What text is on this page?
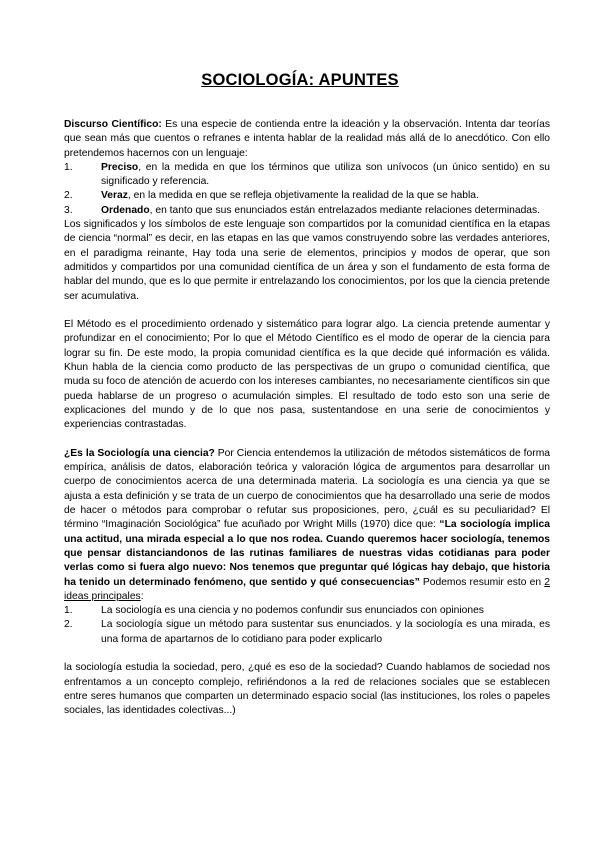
SOCIOLOGÍA: APUNTES

Discurso Científico: Es una especie de contienda entre la ideación y la observación. Intenta dar teorías que sean más que cuentos o refranes e intenta hablar de la realidad más allá de lo anecdótico. Con ello pretendemos hacernos con un lenguaje:

1.	Preciso, en la medida en que los términos que utiliza son unívocos (un único sentido) en su significado y referencia.
2.	Veraz, en la medida en que se refleja objetivamente la realidad de la que se habla.
3.	Ordenado, en tanto que sus enunciados están entrelazados mediante relaciones determinadas.

Los significados y los símbolos de este lenguaje son compartidos por la comunidad científica en la etapas de ciencia “normal” es decir, en las etapas en las que vamos construyendo sobre las verdades anteriores, en el paradigma reinante, Hay toda una serie de elementos, principios y modos de operar, que son admitidos y compartidos por una comunidad científica de un área y son el fundamento de esta forma de hablar del mundo, que es lo que permite ir entrelazando los conocimientos, por los que la ciencia pretende ser acumulativa.

El Método es el procedimiento ordenado y sistemático para lograr algo. La ciencia pretende aumentar y profundizar en el conocimiento; Por lo que el Método Científico es el modo de operar de la ciencia para lograr su fin. De este modo, la propia comunidad científica es la que decide qué información es válida. Khun habla de la ciencia como producto de las perspectivas de un grupo o comunidad científica, que muda su foco de atención de acuerdo con los intereses cambiantes, no necesariamente científicos sin que pueda hablarse de un progreso o acumulación simples. El resultado de todo esto son una serie de explicaciones del mundo y de lo que nos pasa, sustentandose en una serie de conocimientos y experiencias contrastadas.

¿Es la Sociología una ciencia? Por Ciencia entendemos la utilización de métodos sistemáticos de forma empírica, análisis de datos, elaboración teórica y valoración lógica de argumentos para desarrollar un cuerpo de conocimientos acerca de una determinada materia. La sociología es una ciencia ya que se ajusta a esta definición y se trata de un cuerpo de conocimientos que ha desarrollado una serie de modos de hacer o métodos para comprobar o refutar sus proposiciones, pero, ¿cuál es su peculiaridad? El término “Imaginación Sociológica” fue acuñado por Wright Mills (1970) dice que: “La sociología implica una actitud, una mirada especial a lo que nos rodea. Cuando queremos hacer sociología, tenemos que pensar distanciandonos de las rutinas familiares de nuestras vidas cotidianas para poder verlas como si fuera algo nuevo: Nos tenemos que preguntar qué lógicas hay debajo, que historia ha tenido un determinado fenómeno, que sentido y qué consecuencias” Podemos resumir esto en 2 ideas principales:

1.	La sociología es una ciencia y no podemos confundir sus enunciados con opiniones
2.	La sociología sigue un método para sustentar sus enunciados. y la sociología es una mirada, es una forma de apartarnos de lo cotidiano para poder explicarlo

la sociología estudia la sociedad, pero, ¿qué es eso de la sociedad? Cuando hablamos de sociedad nos enfrentamos a un concepto complejo, refiriéndonos a la red de relaciones sociales que se establecen entre seres humanos que comparten un determinado espacio social (las instituciones, los roles o papeles sociales, las identidades colectivas...)
